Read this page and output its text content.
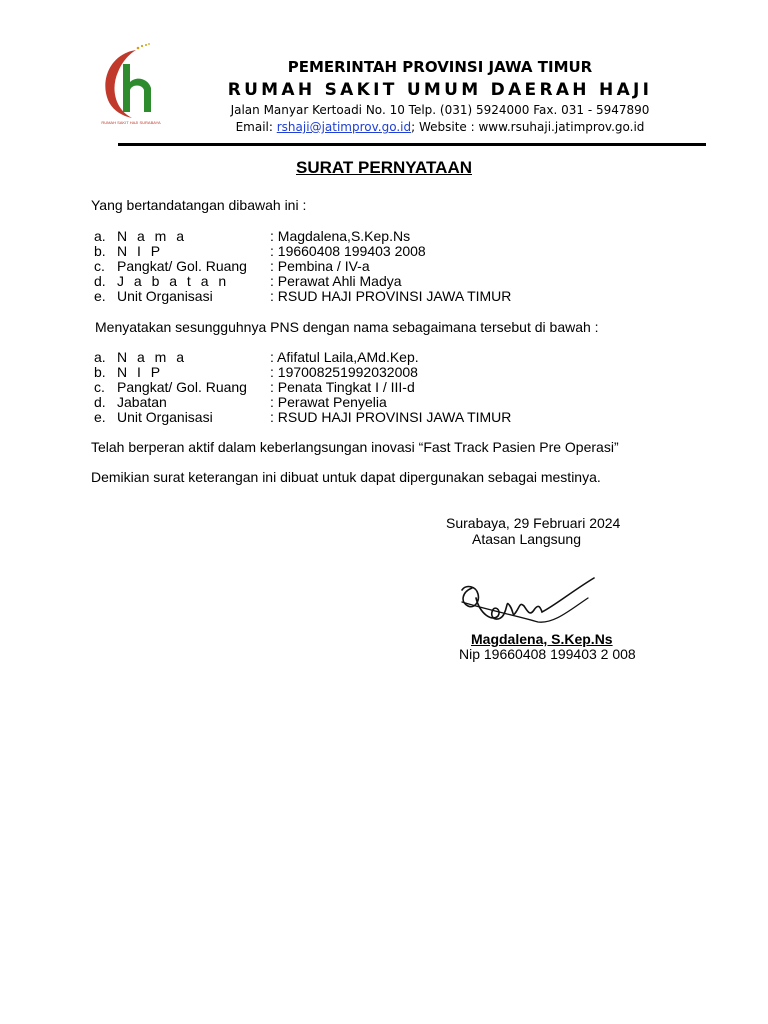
RUMAH SAKIT HAJI SURABAYA
PEMERINTAH PROVINSI JAWA TIMUR
RUMAH SAKIT UMUM DAERAH HAJI
Jalan Manyar Kertoadi No. 10 Telp. (031) 5924000 Fax. 031 - 5947890
Email: rshaji@jatimprov.go.id; Website : www.rsuhaji.jatimprov.go.id
SURAT PERNYATAAN
Yang bertandatangan dibawah ini :
a. N a m a	: Magdalena,S.Kep.Ns
b. N I P	: 19660408 199403 2008
c. Pangkat/ Gol. Ruang : Pembina / IV-a
d. J a b a t a n	: Perawat Ahli Madya
e. Unit Organisasi	: RSUD HAJI PROVINSI JAWA TIMUR
Menyatakan sesungguhnya PNS dengan nama sebagaimana tersebut di bawah :
a. N a m a	: Afifatul Laila,AMd.Kep.
b. N I P	: 197008251992032008
c. Pangkat/ Gol. Ruang : Penata Tingkat I / III-d
d. Jabatan	: Perawat Penyelia
e. Unit Organisasi	: RSUD HAJI PROVINSI JAWA TIMUR
Telah berperan aktif dalam keberlangsungan inovasi “Fast Track Pasien Pre Operasi”
Demikian surat keterangan ini dibuat untuk dapat dipergunakan sebagai mestinya.
Surabaya, 29 Februari 2024
Atasan Langsung
Magdalena, S.Kep.Ns
Nip 19660408 199403 2 008
